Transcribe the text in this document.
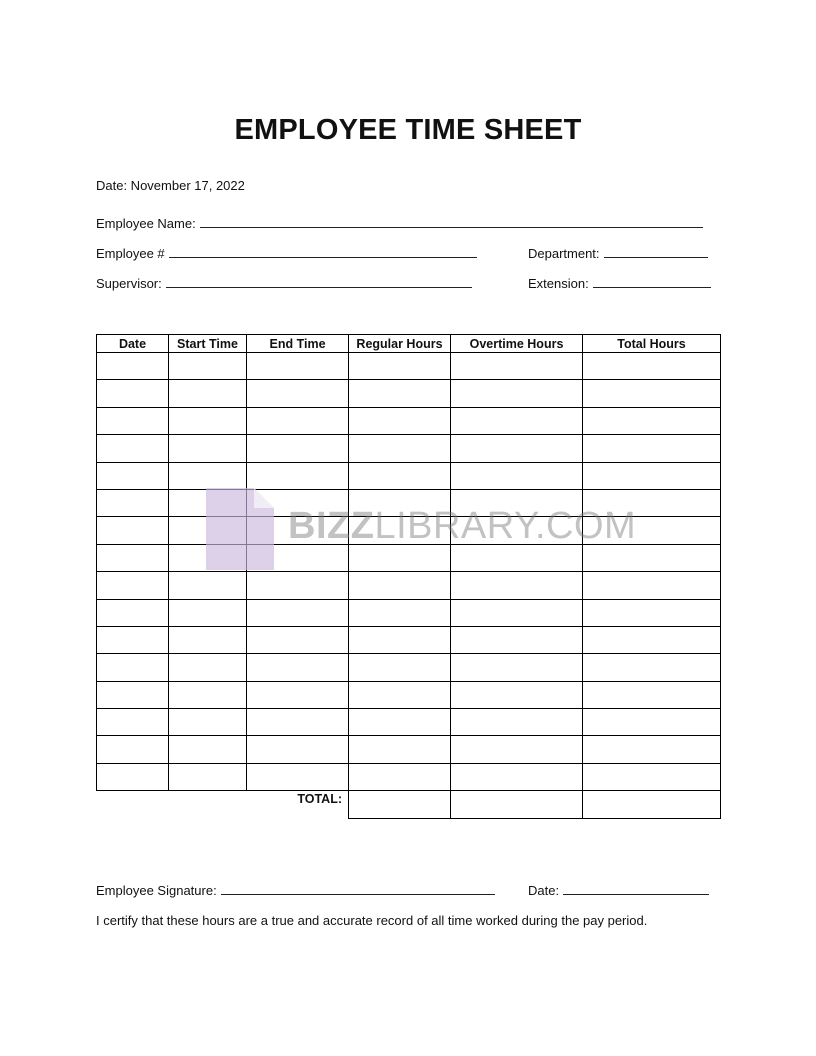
EMPLOYEE TIME SHEET
Date: November 17, 2022
Employee Name:
Employee #	Department:
Supervisor:	Extension:
Date	Start Time	End Time	Regular Hours	Overtime Hours	Total Hours

		TOTAL:			
BIZZLIBRARY.COM
Employee Signature:	Date:
I certify that these hours are a true and accurate record of all time worked during the pay period.
